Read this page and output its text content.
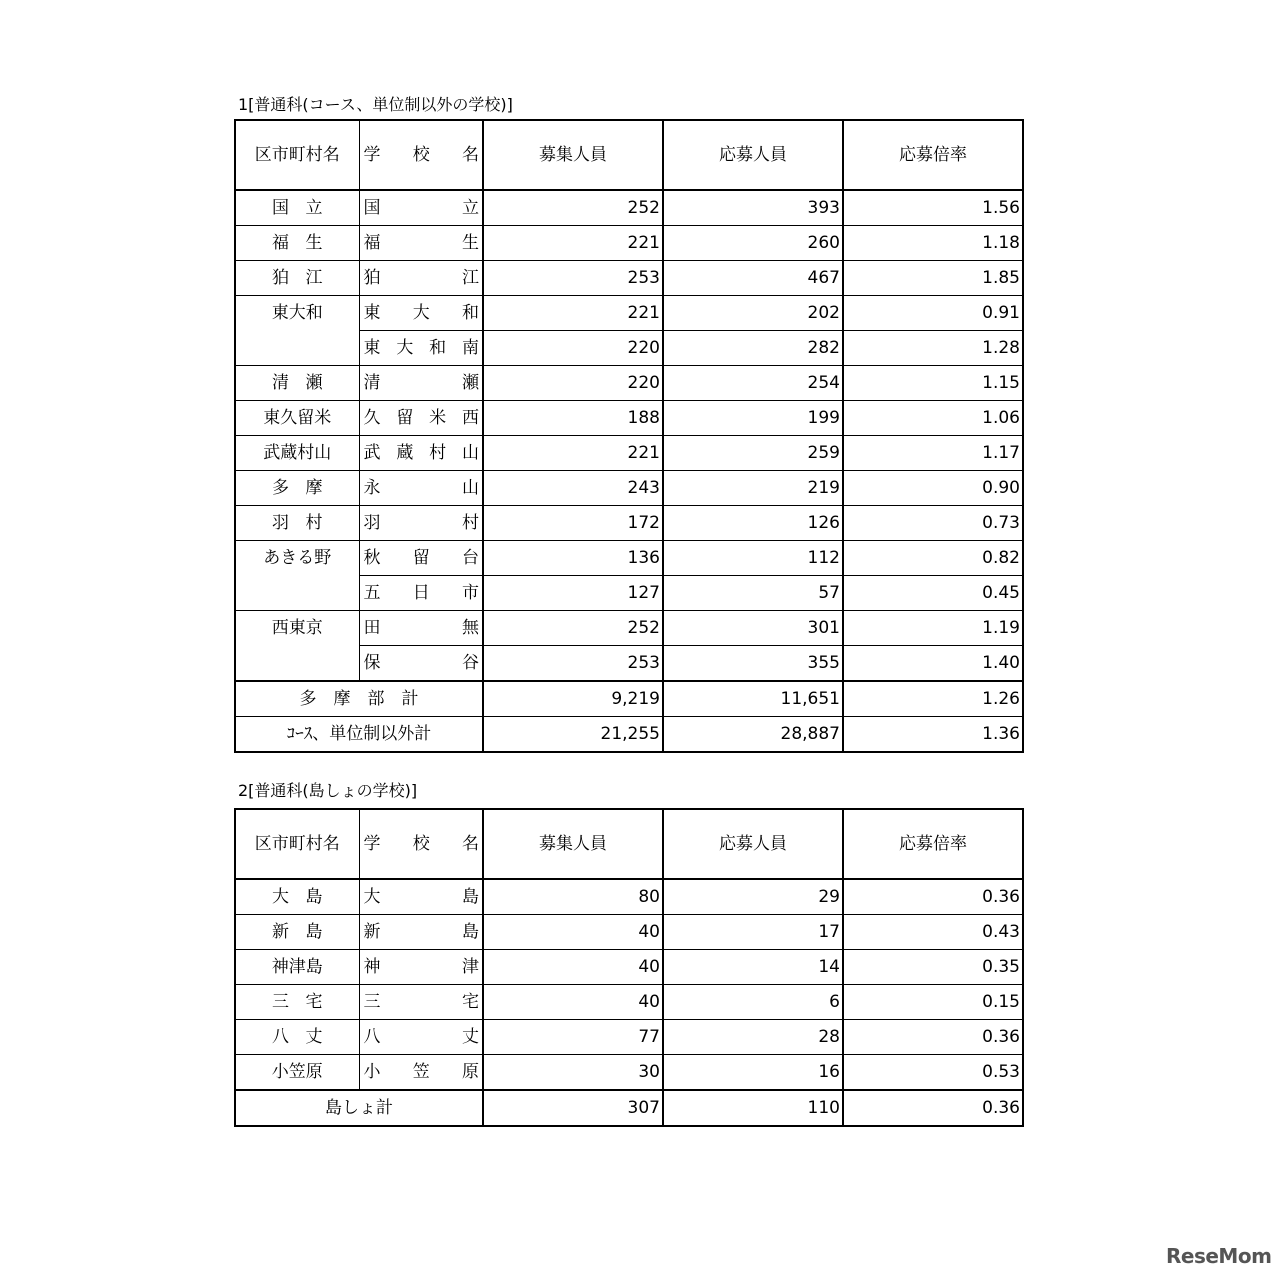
1[普通科(コース、単位制以外の学校)]
区市町村名	学 校 名	募集人員	応募人員	応募倍率

国 立	国 立	252	393	1.56

福 生	福 生	221	260	1.18

狛 江	狛 江	253	467	1.85

東大和	東 大 和	221	202	0.91

	東 大 和 南	220	282	1.28

清 瀬	清 瀬	220	254	1.15

東久留米	久 留 米 西	188	199	1.06

武蔵村山	武 蔵 村 山	221	259	1.17

多 摩	永 山	243	219	0.90

羽 村	羽 村	172	126	0.73

あきる野	秋 留 台	136	112	0.82

	五 日 市	127	57	0.45

西東京	田 無	252	301	1.19

	保 谷	253	355	1.40
多　摩　部　計		9,219	11,651	1.26
ｺｰｽ、単位制以外計		21,255	28,887	1.36
2[普通科(島しょの学校)]
区市町村名	学 校 名	募集人員	応募人員	応募倍率

大 島	大 島	80	29	0.36

新 島	新 島	40	17	0.43

神津島	神 津	40	14	0.35

三 宅	三 宅	40	6	0.15

八 丈	八 丈	77	28	0.36

小笠原	小 笠 原	30	16	0.53
島しょ計		307	110	0.36
ReseMom
